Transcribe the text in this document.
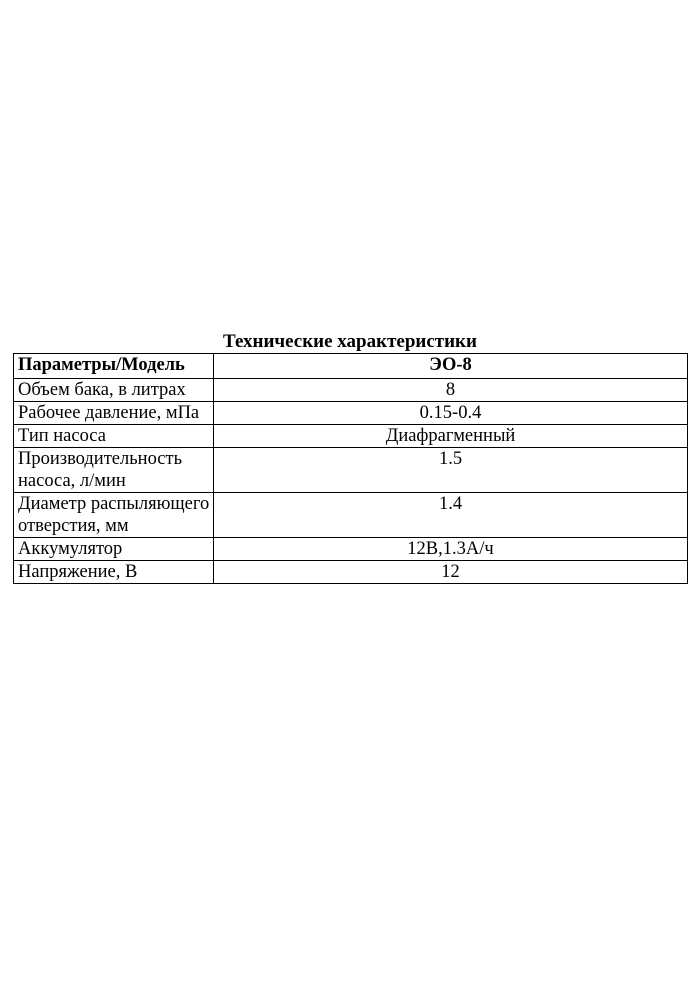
Технические характеристики
Параметры/Модель	ЭО-8
Объем бака, в литрах	8
Рабочее давление, мПа	0.15-0.4
Тип насоса	Диафрагменный
Производительность насоса, л/мин	1.5
Диаметр распыляющего отверстия, мм	1.4
Аккумулятор	12В,1.3А/ч
Напряжение, В	12
